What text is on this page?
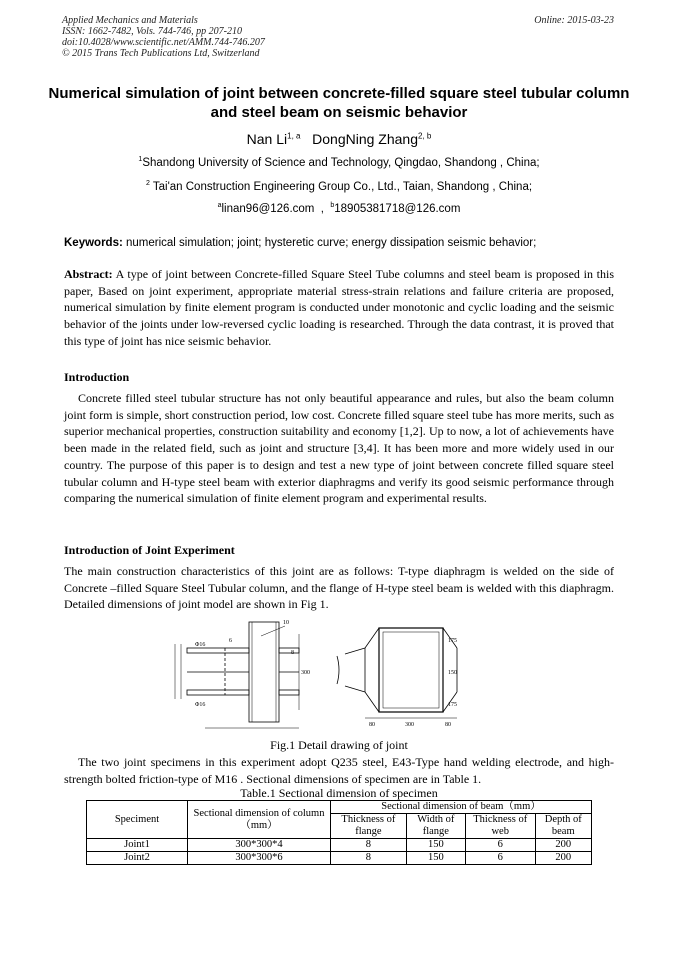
Applied Mechanics and Materials
ISSN: 1662-7482, Vols. 744-746, pp 207-210
doi:10.4028/www.scientific.net/AMM.744-746.207
© 2015 Trans Tech Publications Ltd, Switzerland
Online: 2015-03-23
Numerical simulation of joint between concrete-filled square steel tubular column and steel beam on seismic behavior
Nan Li$^{1, a}$ DongNing Zhang$^{2, b}$
$^1$Shandong University of Science and Technology, Qingdao, Shandong , China;
$^2$ Tai'an Construction Engineering Group Co., Ltd., Taian, Shandong , China;
$^a$linan96@126.com  ,  $^b$18905381718@126.com
Keywords: numerical simulation; joint; hysteretic curve; energy dissipation seismic behavior;
Abstract: A type of joint between Concrete-filled Square Steel Tube columns and steel beam is proposed in this paper, Based on joint experiment, appropriate material stress-strain relations and failure criteria are proposed, numerical simulation by finite element program is conducted under monotonic and cyclic loading and the seismic behavior of the joints under low-reversed cyclic loading is researched. Through the data contrast, it is proved that this type of joint has nice seismic behavior.
Introduction
Concrete filled steel tubular structure has not only beautiful appearance and rules, but also the beam column joint form is simple, short construction period, low cost. Concrete filled square steel tube has more merits, such as superior mechanical properties, construction suitability and economy [1,2]. Up to now, a lot of achievements have been made in the related field, such as joint and structure [3,4]. It has been more and more widely used in our country. The purpose of this paper is to design and test a new type of joint between concrete filled square steel tubular column and H-type steel beam with exterior diaphragms and verify its good seismic performance through comparing the numerical simulation of finite element program and experimental results.
Introduction of Joint Experiment
The main construction characteristics of this joint are as follows: T-type diaphragm is welded on the side of Concrete –filled Square Steel Tubular column, and the flange of H-type steel beam is welded with this diaphragm. Detailed dimensions of joint model are shown in Fig 1.
10
6
300
8
Φ16
Φ16
80	300	80
175
150
175
Fig.1 Detail drawing of joint
The two joint specimens in this experiment adopt Q235 steel, E43-Type hand welding electrode, and high-strength bolted friction-type of M16 . Sectional dimensions of specimen are in Table 1.
Table.1 Sectional dimension of specimen
Speciment	Sectional dimension of column（mm）	Sectional dimension of beam（mm）			
		Thickness of flange	Width of flange	Thickness of web	Depth of beam
Joint1	300*300*4	8	150	6	200
Joint2	300*300*6	8	150	6	200
